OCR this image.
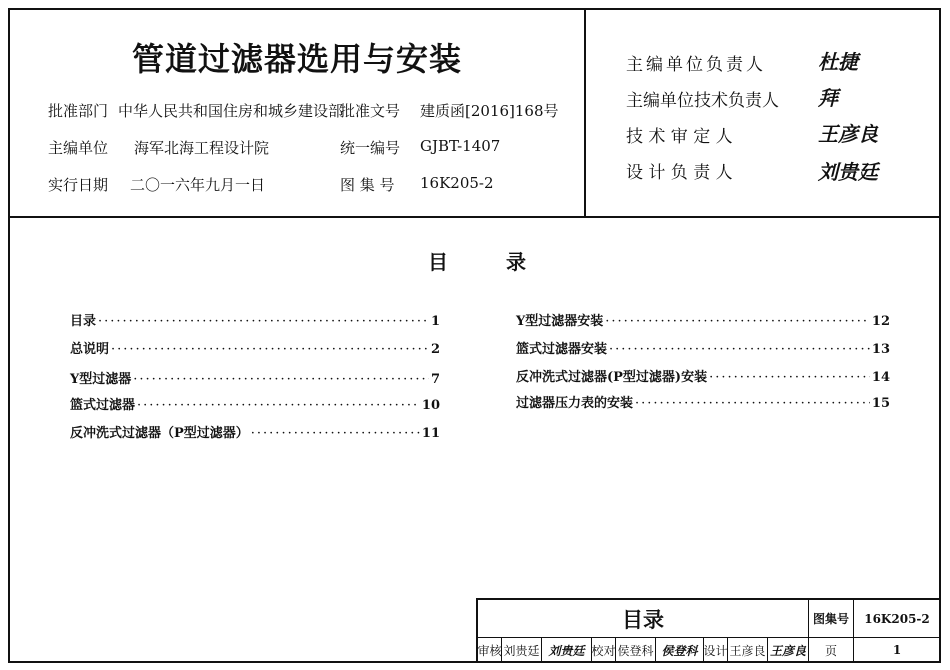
管道过滤器选用与安装
批准部门 中华人民共和国住房和城乡建设部
批准文号 建质函[2016]168号
主编单位 海军北海工程设计院	统一编号 GJBT-1407
实行日期 二〇一六年九月一日	图 集 号 16K205-2
主编单位负责人	杜捷
主编单位技术负责人 拜
技 术 审 定 人	王彦良
设 计 负 责 人	刘贵廷
目	录
目录 ·····	1
总说明 ·····	2
Y型过滤器 ·····	7
篮式过滤器 ·····	10
反冲洗式过滤器（P型过滤器） ·····	11
Y型过滤器安装 ·····	12
篮式过滤器安装 ·····	13
反冲洗式过滤器(P型过滤器)安装 ·····	14
过滤器压力表的安装 ·····	15
目录	图集号	16K205-2
审核 刘贵廷 刘贵廷 校对 侯登科 侯登科 设计 王彦良 王彦良	页	1
